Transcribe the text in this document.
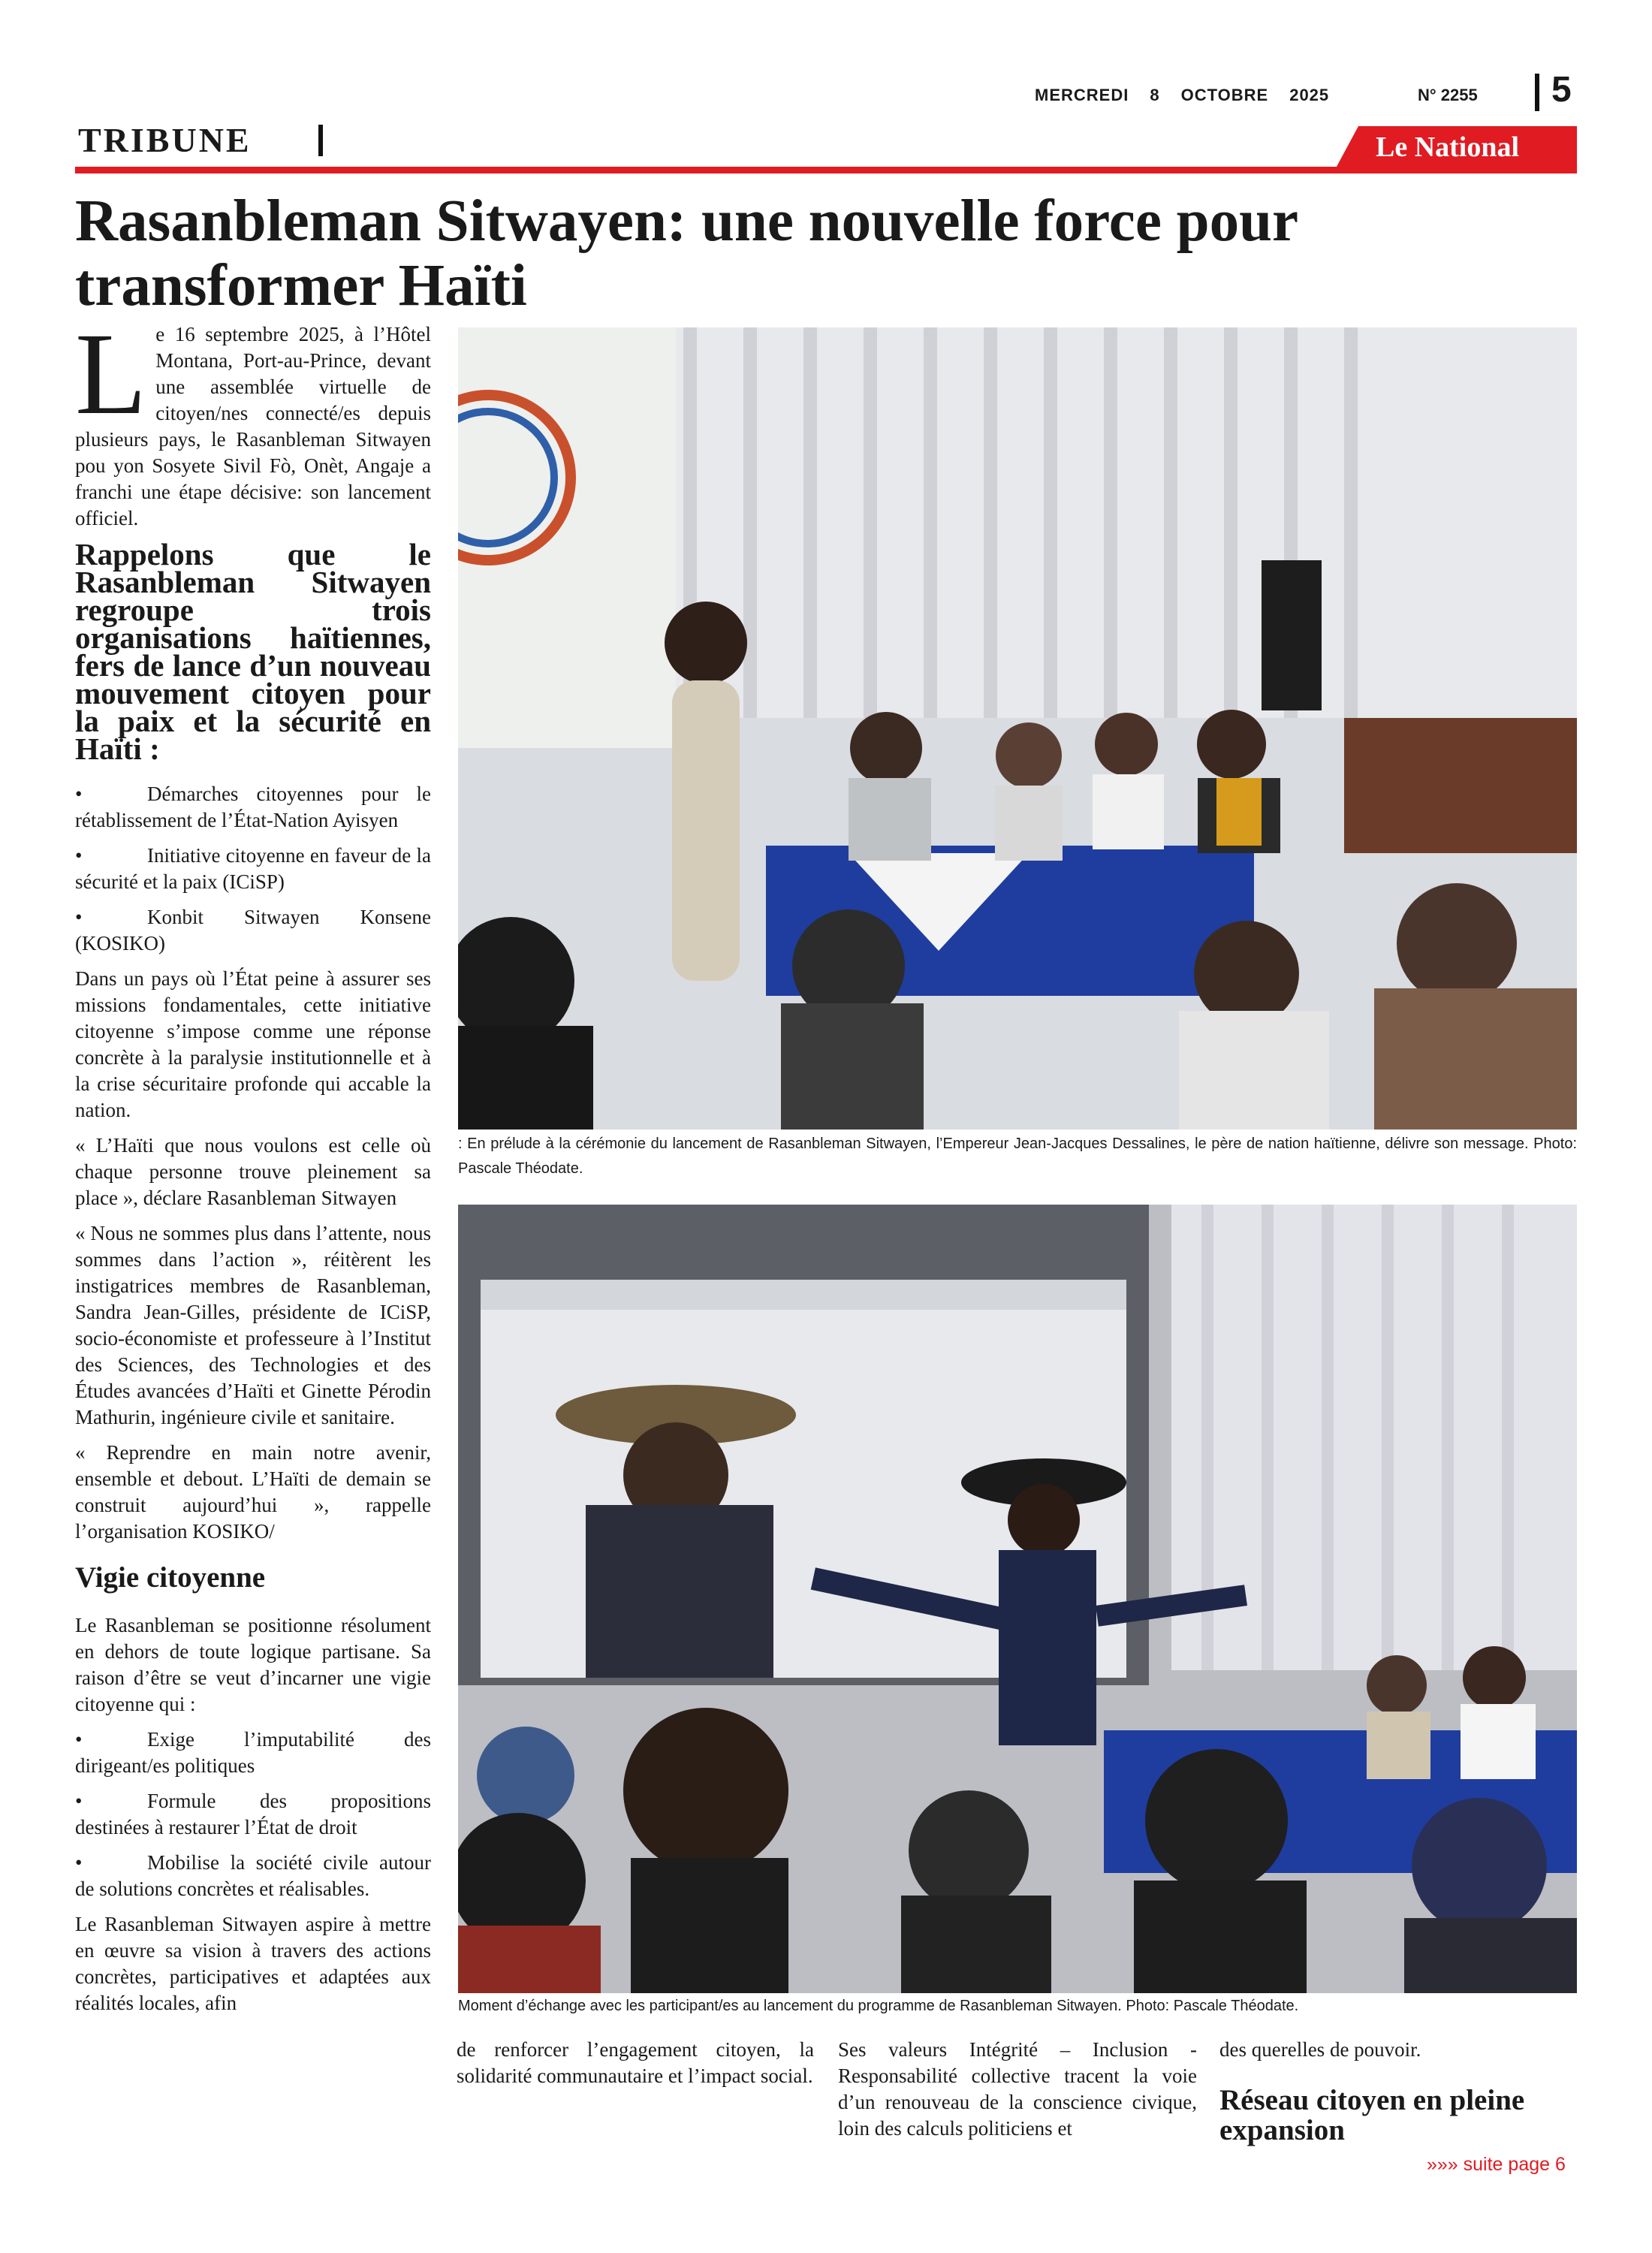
MERCREDI 8 OCTOBRE 2025	N° 2255 5
TRIBUNE	Le National
Rasanbleman Sitwayen: une nouvelle force pour
transformer Haïti

Le 16 septembre 2025, à l’Hôtel Montana, Port-au-Prince, devant une assemblée virtuelle de citoyen/nes connecté/es depuis plusieurs pays, le Rasanbleman Sitwayen pou yon Sosyete Sivil Fò, Onèt, Angaje a franchi une étape décisive: son lancement officiel.

Rappelons que le Rasanbleman Sitwayen regroupe trois organisations haïtiennes, fers de lance d’un nouveau mouvement citoyen pour la paix et la sécurité en Haïti :

•	Démarches citoyennes pour le rétablissement de l’État-Nation Ayisyen

•	Initiative citoyenne en faveur de la sécurité et la paix (ICiSP)

•	Konbit Sitwayen Konsene (KOSIKO)

Dans un pays où l’État peine à assurer ses missions fondamentales, cette initiative citoyenne s’impose comme une réponse concrète à la paralysie institutionnelle et à la crise sécuritaire profonde qui accable la nation.

« L’Haïti que nous voulons est celle où chaque personne trouve pleinement sa place », déclare Rasanbleman Sitwayen

« Nous ne sommes plus dans l’attente, nous sommes dans l’action », réitèrent les instigatrices membres de Rasanbleman, Sandra Jean-Gilles, présidente de ICiSP, socio-économiste et professeure à l’Institut des Sciences, des Technologies et des Études avancées d’Haïti et Ginette Pérodin Mathurin, ingénieure civile et sanitaire.

« Reprendre en main notre avenir, ensemble et debout. L’Haïti de demain se construit aujourd’hui », rappelle l’organisation KOSIKO/

Vigie citoyenne

Le Rasanbleman se positionne résolument en dehors de toute logique partisane. Sa raison d’être se veut d’incarner une vigie citoyenne qui :

•	Exige l’imputabilité des dirigeant/es politiques

•	Formule des propositions destinées à restaurer l’État de droit

•	Mobilise la société civile autour de solutions concrètes et réalisables.

Le Rasanbleman Sitwayen aspire à mettre en œuvre sa vision à travers des actions concrètes, participatives et adaptées aux réalités locales, afin

: En prélude à la cérémonie du lancement de Rasanbleman Sitwayen, l’Empereur Jean-Jacques Dessalines, le père de nation haïtienne, délivre son message. Photo: Pascale Théodate.
Moment d’échange avec les participant/es au lancement du programme de Rasanbleman Sitwayen. Photo: Pascale Théodate.

de renforcer l’engagement citoyen, la solidarité communautaire et l’impact social.

Ses valeurs Intégrité – Inclusion - Responsabilité collective tracent la voie d’un renouveau de la conscience civique, loin des calculs politiciens et

des querelles de pouvoir.

Réseau citoyen en pleine expansion
»»» suite page 6
